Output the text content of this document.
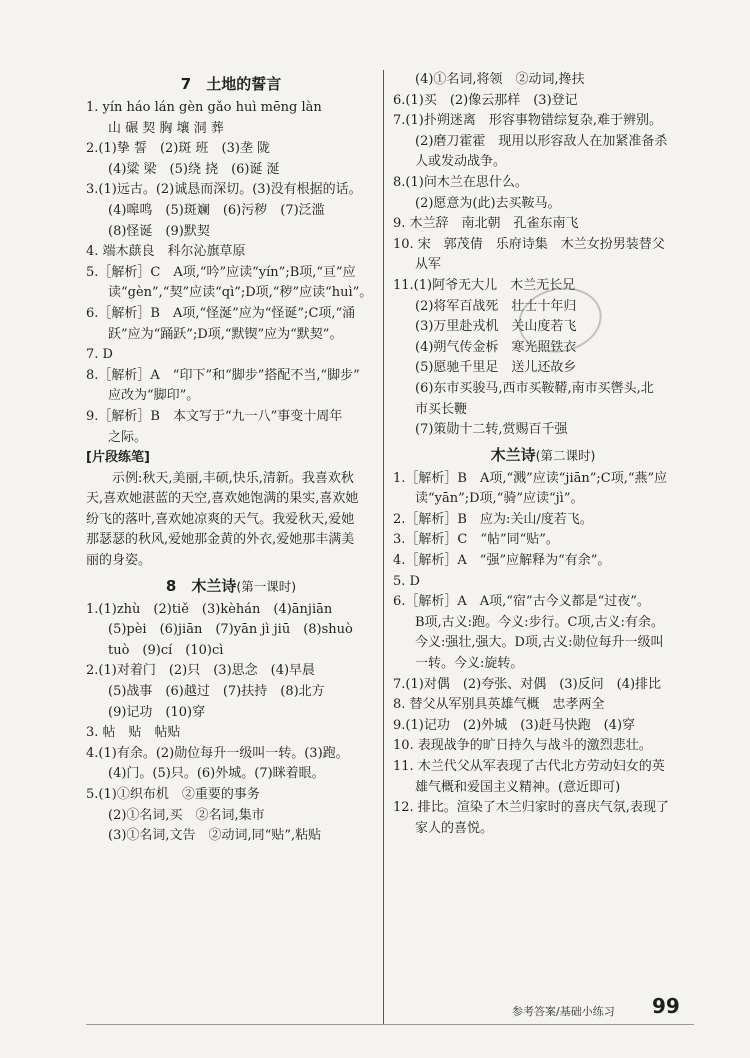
7　土地的誓言
1. yín háo lán gèn gǎo huì mēng làn
山 碾 契 胸 壤 洞 葬
2.(1)挚 誓　(2)斑 班　(3)垄 陇
(4)粱 梁　(5)绕 挠　(6)诞 涎
3.(1)远古。(2)诚恳而深切。(3)没有根据的话。
(4)嗥鸣　(5)斑斓　(6)污秽　(7)泛滥
(8)怪诞　(9)默契
4. 端木蕻良　科尔沁旗草原
5.［解析］C　A项,“吟”应读“yín”;B项,“亘”应
读“gèn”,“契”应读“qì”;D项,“秽”应读“huì”。
6.［解析］B　A项,“怪涎”应为“怪诞”;C项,“涌
跃”应为“踊跃”;D项,“默锲”应为“默契”。
7. D
8.［解析］A　“印下”和“脚步”搭配不当,“脚步”
应改为“脚印”。
9.［解析］B　本文写于“九一八”事变十周年
之际。
[片段练笔]
示例:秋天,美丽,丰硕,快乐,清新。我喜欢秋
天,喜欢她湛蓝的天空,喜欢她饱满的果实,喜欢她
纷飞的落叶,喜欢她凉爽的天气。我爱秋天,爱她
那瑟瑟的秋风,爱她那金黄的外衣,爱她那丰满美
丽的身姿。
8　木兰诗(第一课时)
1.(1)zhù　(2)tiě　(3)kèhán　(4)ānjiān
(5)pèi　(6)jiān　(7)yān jì jiū　(8)shuò
tuò　(9)cí　(10)cì
2.(1)对着门　(2)只　(3)思念　(4)早晨
(5)战事　(6)越过　(7)扶持　(8)北方
(9)记功　(10)穿
3. 帖　贴　帖贴
4.(1)有余。(2)勋位每升一级叫一转。(3)跑。
(4)门。(5)只。(6)外城。(7)眯着眼。
5.(1)①织布机　②重要的事务
(2)①名词,买　②名词,集市
(3)①名词,文告　②动词,同“贴”,粘贴
(4)①名词,将领　②动词,搀扶
6.(1)买　(2)像云那样　(3)登记
7.(1)扑朔迷离　形容事物错综复杂,难于辨别。
(2)磨刀霍霍　现用以形容敌人在加紧准备杀
人或发动战争。
8.(1)问木兰在思什么。
(2)愿意为(此)去买鞍马。
9. 木兰辞　南北朝　孔雀东南飞
10. 宋　郭茂倩　乐府诗集　木兰女扮男装替父
从军
11.(1)阿爷无大儿　木兰无长兄
(2)将军百战死　壮士十年归
(3)万里赴戎机　关山度若飞
(4)朔气传金柝　寒光照铁衣
(5)愿驰千里足　送儿还故乡
(6)东市买骏马,西市买鞍鞯,南市买辔头,北
市买长鞭
(7)策勋十二转,赏赐百千强
木兰诗(第二课时)
1.［解析］B　A项,“溅”应读“jiān”;C项,“燕”应
读“yān”;D项,“骑”应读“jì”。
2.［解析］B　应为:关山/度若飞。
3.［解析］C　“帖”同“贴”。
4.［解析］A　“强”应解释为“有余”。
5. D
6.［解析］A　A项,“宿”古今义都是“过夜”。
B项,古义:跑。今义:步行。C项,古义:有余。
今义:强壮,强大。D项,古义:勋位每升一级叫
一转。今义:旋转。
7.(1)对偶　(2)夸张、对偶　(3)反问　(4)排比
8. 替父从军别具英雄气概　忠孝两全
9.(1)记功　(2)外城　(3)赶马快跑　(4)穿
10. 表现战争的旷日持久与战斗的激烈悲壮。
11. 木兰代父从军表现了古代北方劳动妇女的英
雄气概和爱国主义精神。(意近即可)
12. 排比。渲染了木兰归家时的喜庆气氛,表现了
家人的喜悦。
参考答案/基础小练习 99
